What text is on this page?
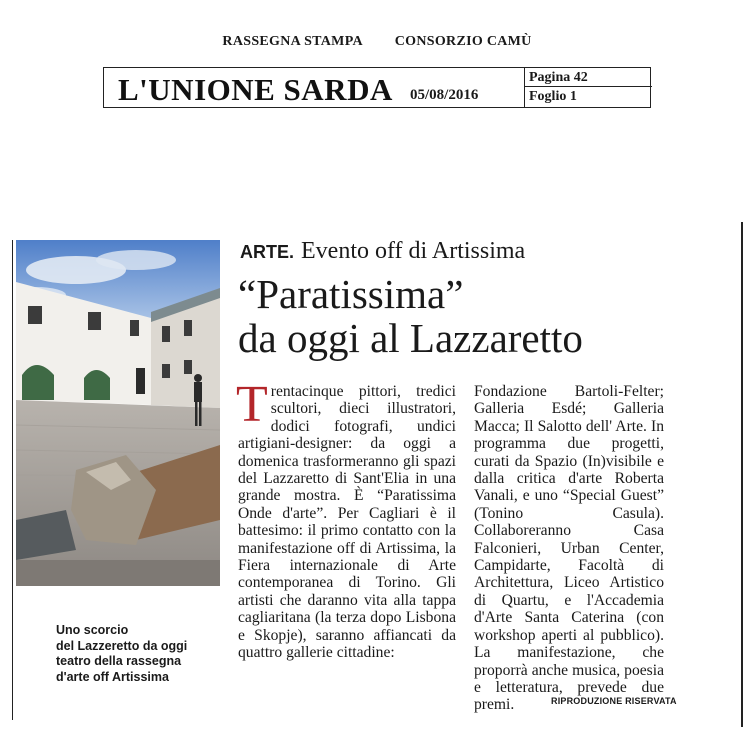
RASSEGNA STAMPA CONSORZIO CAMÙ
L'UNIONE SARDA 05/08/2016
Pagina 42
Foglio 1
Uno scorcio
del Lazzeretto da oggi
teatro della rassegna
d'arte off Artissima
ARTE. Evento off di Artissima
“Paratissima”
da oggi al Lazzaretto

Trentacinque pittori, tredici scultori, dieci illustratori, dodici fotografi, undici artigiani-designer: da oggi a domenica trasformeranno gli spazi del Lazzaretto di Sant'Elia in una grande mostra. È “Paratissima Onde d'arte”. Per Cagliari è il battesimo: il primo contatto con la manifestazione off di Artissima, la Fiera internazionale di Arte contemporanea di Torino. Gli artisti che daranno vita alla tappa cagliaritana (la terza dopo Lisbona e Skopje), saranno affiancati da quattro gallerie cittadine:

Fondazione Bartoli-Felter; Galleria Esdé; Galleria Macca; Il Salotto dell' Arte. In programma due progetti, curati da Spazio (In)visibile e dalla critica d'arte Roberta Vanali, e uno “Special Guest” (Tonino Casula). Collaboreranno Casa Falconieri, Urban Center, Campidarte, Facoltà di Architettura, Liceo Artistico di Quartu, e l'Accademia d'Arte Santa Caterina (con workshop aperti al pubblico). La manifestazione, che proporrà anche musica, poesia e letteratura, prevede due premi.	RIPRODUZIONE RISERVATA
